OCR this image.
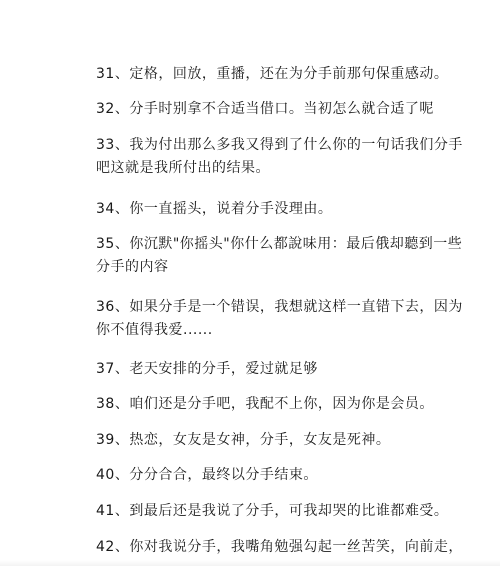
31、定格，回放，重播，还在为分手前那句保重感动。
32、分手时别拿不合适当借口。当初怎么就合适了呢
33、我为付出那么多我又得到了什么你的一句话我们分手
吧这就是我所付出的结果。
34、你一直摇头，说着分手没理由。
35、你沉默"你摇头"你什么都說味用：最后俄却聽到一些
分手的内容
36、如果分手是一个错误，我想就这样一直错下去，因为
你不值得我爱......
37、老天安排的分手，爱过就足够
38、咱们还是分手吧，我配不上你，因为你是会员。
39、热恋，女友是女神，分手，女友是死神。
40、分分合合，最终以分手结束。
41、到最后还是我说了分手，可我却哭的比谁都难受。
42、你对我说分手，我嘴角勉强勾起一丝苦笑，向前走，
